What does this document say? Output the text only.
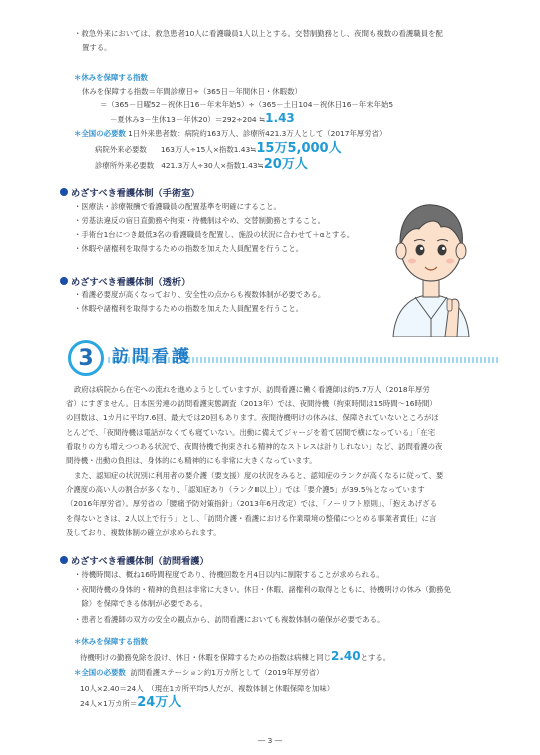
・救急外来においては、救急患者10人に看護職員1人以上とする。交替制勤務とし、夜間も複数の看護職員を配
置する。
＊休みを保障する指数
休みを保障する指数＝年間診療日÷（365日－年間休日・休暇数）
＝（365－日曜52－祝休日16－年末年始5）÷（365－土日104－祝休日16－年末年始5
－夏休み3－生休13－年休20）＝292÷204 ≒1.43
＊全国の必要数 1日外来患者数：病院約163万人、診療所421.3万人として（2017年厚労省）
病院外来必要数 163万人÷15人×指数1.43≒15万5,000人
診療所外来必要数 421.3万人÷30人×指数1.43≒20万人
めざすべき看護体制（手術室）
・医療法・診療報酬で看護職員の配置基準を明確にすること。
・労基法違反の宿日直勤務や拘束・待機制はやめ、交替制勤務とすること。
・手術台1台につき最低3名の看護職員を配置し、施設の状況に合わせて＋αとする。
・休暇や諸権利を取得するための指数を加えた人員配置を行うこと。
めざすべき看護体制（透析）
・看護必要度が高くなっており、安全性の点からも複数体制が必要である。
・休暇や諸権利を取得するための指数を加えた人員配置を行うこと。
3	訪問看護

政府は病院から在宅への流れを進めようとしていますが、訪問看護に働く看護師は約5.7万人（2018年厚労

省）にすぎません。日本医労連の訪問看護実態調査（2013年）では、夜間待機（拘束時間は15時間～16時間）

の回数は、1カ月に平均7.6回、最大では20回もあります。夜間待機明けの休みは、保障されていないところがほ

とんどで、「夜間待機は電話がなくても寝ていない。出動に備えてジャージを着て居間で横になっている」「在宅

看取りの方も増えつつある状況で、夜間待機で拘束される精神的なストレスは計りしれない」など、訪問看護の夜

間待機・出動の負担は、身体的にも精神的にも非常に大きくなっています。

また、認知症の状況別に利用者の要介護（要支援）度の状況をみると、認知症のランクが高くなるに従って、要

介護度の高い人の割合が多くなり、「認知症あり（ランクⅢ以上）」では「要介護5」が39.5％となっています

（2016年厚労省）。厚労省の「腰痛予防対策指針」（2013年6月改定）では、「ノーリフト原則」、「抱えあげざる

を得ないときは、2人以上で行う」とし、「訪問介護・看護における作業環境の整備につとめる事業者責任」に言

及しており、複数体制の確立が求められます。

めざすべき看護体制（訪問看護）
・待機時間は、概ね16時間程度であり、待機回数を月4日以内に制限することが求められる。
・夜間待機の身体的・精神的負担は非常に大きい。休日・休暇、諸権利の取得とともに、待機明けの休み（勤務免
　除）を保障できる体制が必要である。
・患者と看護師の双方の安全の観点から、訪問看護においても複数体制の確保が必要である。
＊休みを保障する指数
待機明けの勤務免除を設け、休日・休暇を保障するための指数は病棟と同じ2.40とする。
＊全国の必要数 訪問看護ステーション約1万カ所として（2019年厚労省）
10人×2.40＝24人　（現在1カ所平均5人だが、複数体制と休暇保障を加味）
24人×1万カ所＝24万人
― 3 ―
